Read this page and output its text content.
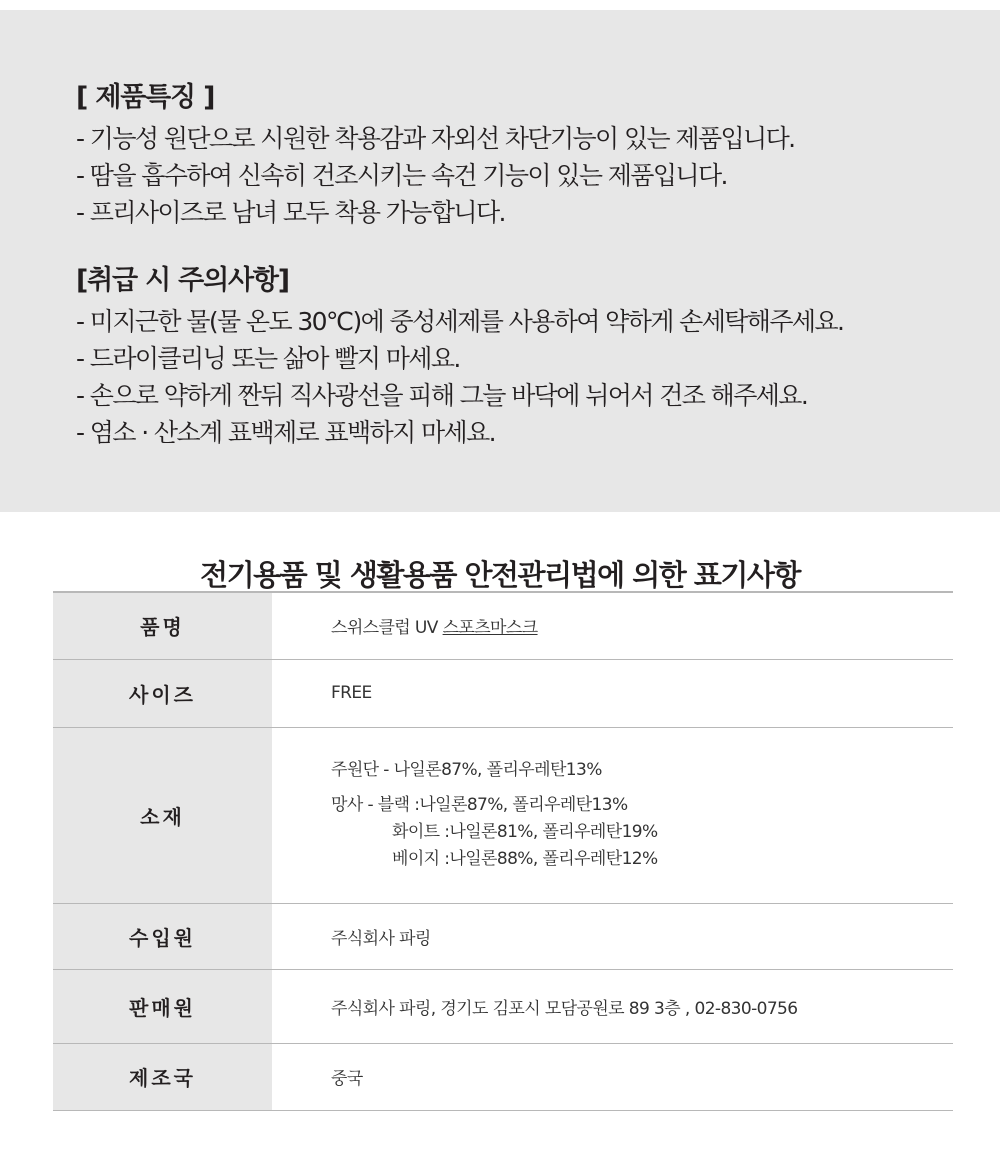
[ 제품특징 ]
- 기능성 원단으로 시원한 착용감과 자외선 차단기능이 있는 제품입니다.
- 땀을 흡수하여 신속히 건조시키는 속건 기능이 있는 제품입니다.
- 프리사이즈로 남녀 모두 착용 가능합니다.
[취급 시 주의사항]
- 미지근한 물(물 온도 30℃)에 중성세제를 사용하여 약하게 손세탁해주세요.
- 드라이클리닝 또는 삶아 빨지 마세요.
- 손으로 약하게 짠뒤 직사광선을 피해 그늘 바닥에 뉘어서 건조 해주세요.
- 염소 · 산소계 표백제로 표백하지 마세요.
전기용품 및 생활용품 안전관리법에 의한 표기사항
품명	스위스클럽 UV 스포츠마스크
사이즈	FREE
소재	주원단 - 나일론87%, 폴리우레탄13%
망사 - 블랙 :나일론87%, 폴리우레탄13%
화이트 :나일론81%, 폴리우레탄19%
베이지 :나일론88%, 폴리우레탄12%

수입원	주식회사 파링
판매원	주식회사 파링, 경기도 김포시 모담공원로 89 3층 , 02-830-0756
제조국	중국
